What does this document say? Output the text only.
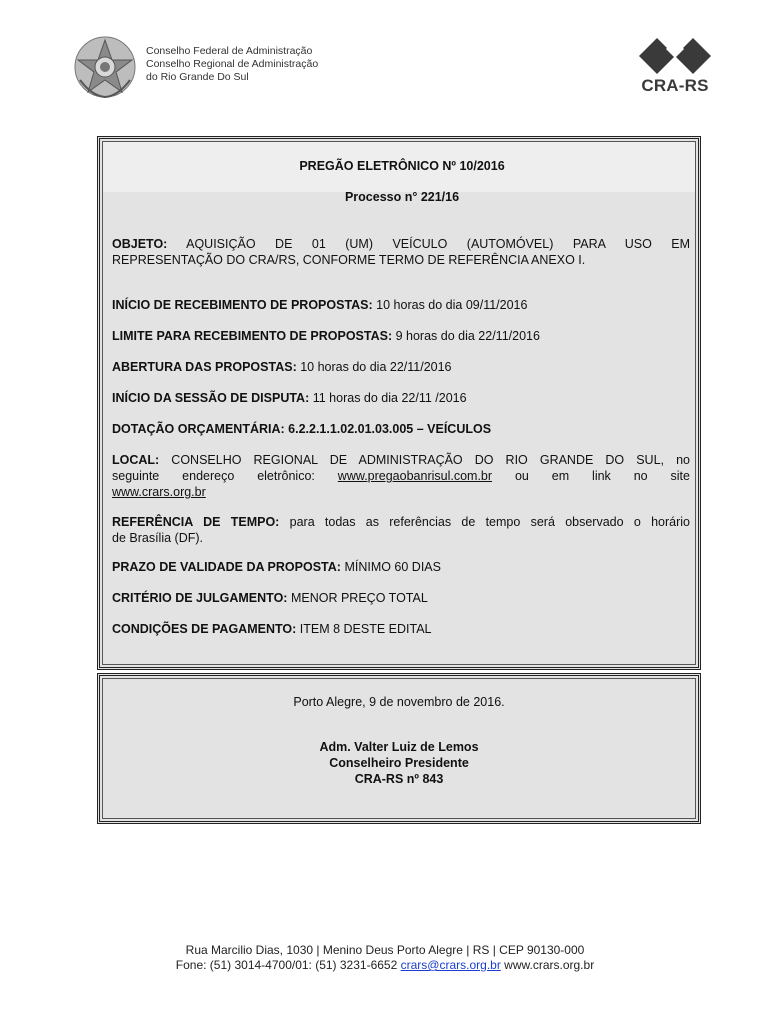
Conselho Federal de Administração
Conselho Regional de Administração
do Rio Grande Do Sul	CRA-RS
PREGÃO ELETRÔNICO Nº 10/2016
Processo n° 221/16
OBJETO: AQUISIÇÃO DE 01 (UM) VEÍCULO (AUTOMÓVEL) PARA USO EM
REPRESENTAÇÃO DO CRA/RS, CONFORME TERMO DE REFERÊNCIA ANEXO I.
INÍCIO DE RECEBIMENTO DE PROPOSTAS: 10 horas do dia 09/11/2016
LIMITE PARA RECEBIMENTO DE PROPOSTAS: 9 horas do dia 22/11/2016
ABERTURA DAS PROPOSTAS: 10 horas do dia 22/11/2016
INÍCIO DA SESSÃO DE DISPUTA: 11 horas do dia 22/11 /2016
DOTAÇÃO ORÇAMENTÁRIA: 6.2.2.1.1.02.01.03.005 – VEÍCULOS
LOCAL: CONSELHO REGIONAL DE ADMINISTRAÇÃO DO RIO GRANDE DO SUL, no
seguinte endereço eletrônico: www.pregaobanrisul.com.br ou em link no site
www.crars.org.br
REFERÊNCIA DE TEMPO: para todas as referências de tempo será observado o horário
de Brasília (DF).
PRAZO DE VALIDADE DA PROPOSTA: MÍNIMO 60 DIAS
CRITÉRIO DE JULGAMENTO: MENOR PREÇO TOTAL
CONDIÇÕES DE PAGAMENTO: ITEM 8 DESTE EDITAL
Porto Alegre, 9 de novembro de 2016.
Adm. Valter Luiz de Lemos
Conselheiro Presidente
CRA-RS nº 843
Rua Marcilio Dias, 1030 | Menino Deus Porto Alegre | RS | CEP 90130-000
Fone: (51) 3014-4700/01: (51) 3231-6652 crars@crars.org.br www.crars.org.br
